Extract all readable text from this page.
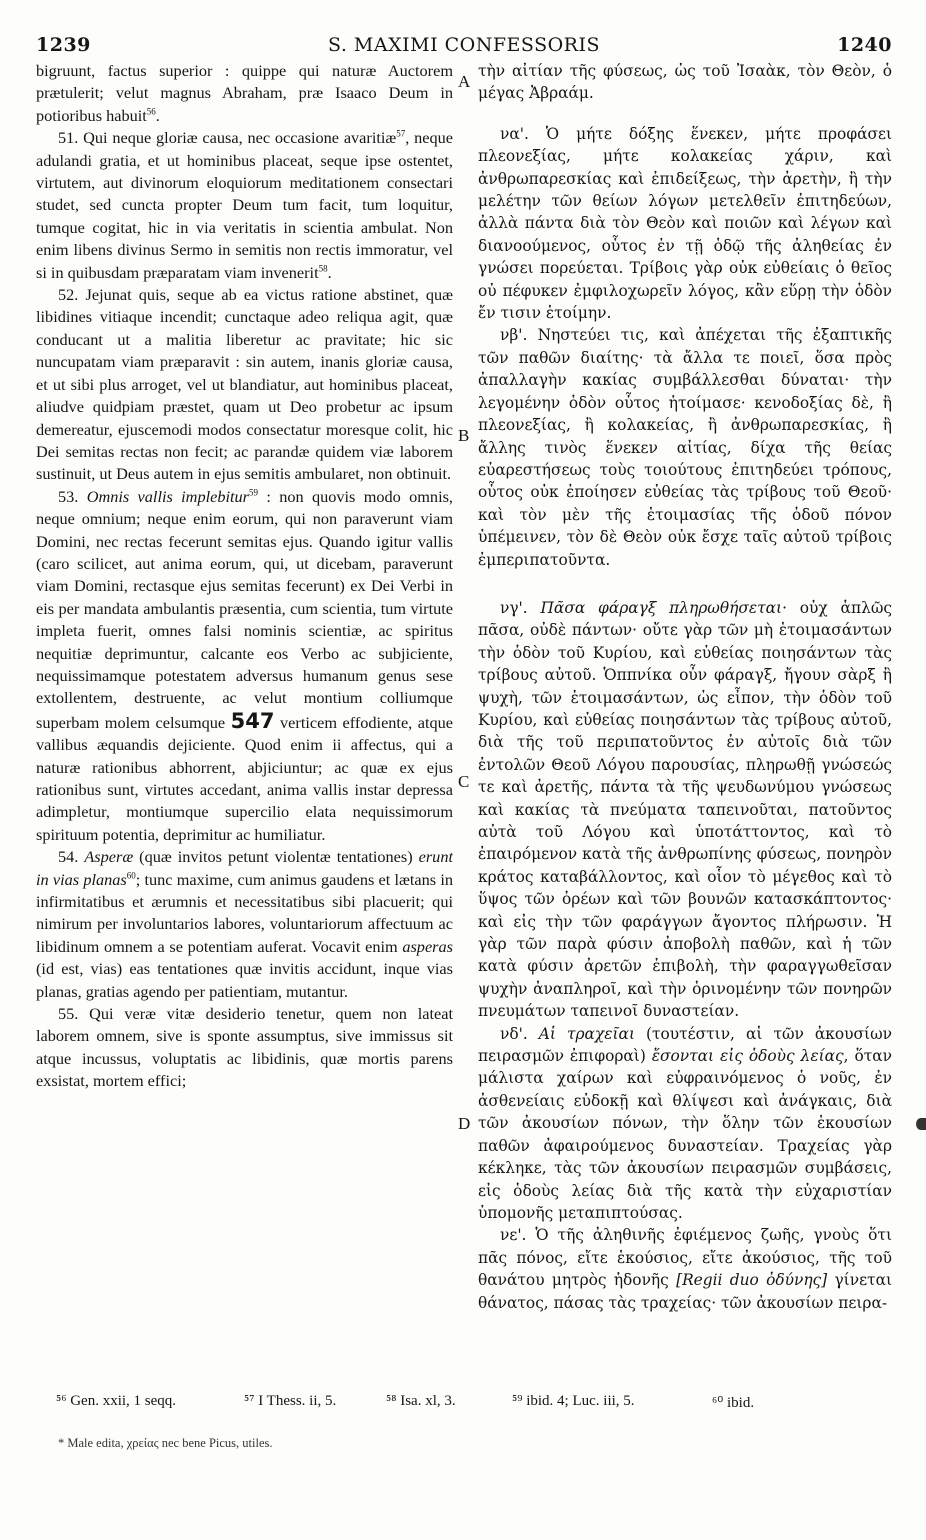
1239	S. MAXIMI CONFESSORIS	1240

bigruunt, factus superior : quippe qui naturæ Auctorem prætulerit; velut magnus Abraham, præ Isaaco Deum in potioribus habuit$^{56}$.

51. Qui neque gloriæ causa, nec occasione avaritiæ$^{57}$, neque adulandi gratia, et ut hominibus placeat, seque ipse ostentet, virtutem, aut divinorum eloquiorum meditationem consectari studet, sed cuncta propter Deum tum facit, tum loquitur, tumque cogitat, hic in via veritatis in scientia ambulat. Non enim libens divinus Sermo in semitis non rectis immoratur, vel si in quibusdam præparatam viam invenerit$^{58}$.

52. Jejunat quis, seque ab ea victus ratione abstinet, quæ libidines vitiaque incendit; cunctaque adeo reliqua agit, quæ conducant ut a malitia liberetur ac pravitate; hic sic nuncupatam viam præparavit : sin autem, inanis gloriæ causa, et ut sibi plus arroget, vel ut blandiatur, aut hominibus placeat, aliudve quidpiam præstet, quam ut Deo probetur ac ipsum demereatur, ejuscemodi modos consectatur moresque colit, hic Dei semitas rectas non fecit; ac parandæ quidem viæ laborem sustinuit, ut Deus autem in ejus semitis ambularet, non obtinuit.

53. Omnis vallis implebitur$^{59}$ : non quovis modo omnis, neque omnium; neque enim eorum, qui non paraverunt viam Domini, nec rectas fecerunt semitas ejus. Quando igitur vallis (caro scilicet, aut anima eorum, qui, ut dicebam, paraverunt viam Domini, rectasque ejus semitas fecerunt) ex Dei Verbi in eis per mandata ambulantis præsentia, cum scientia, tum virtute impleta fuerit, omnes falsi nominis scientiæ, ac spiritus nequitiæ deprimuntur, calcante eos Verbo ac subjiciente, nequissimamque potestatem adversus humanum genus sese extollentem, destruente, ac velut montium colliumque superbam molem celsumque 547 verticem effodiente, atque vallibus æquandis dejiciente. Quod enim ii affectus, qui a naturæ rationibus abhorrent, abjiciuntur; ac quæ ex ejus rationibus sunt, virtutes accedant, anima vallis instar depressa adimpletur, montiumque supercilio elata nequissimorum spirituum potentia, deprimitur ac humiliatur.

54. Asperæ (quæ invitos petunt violentæ tentationes) erunt in vias planas$^{60}$; tunc maxime, cum animus gaudens et lætans in infirmitatibus et ærumnis et necessitatibus sibi placuerit; qui nimirum per involuntarios labores, voluntariorum affectuum ac libidinum omnem a se potentiam auferat. Vocavit enim asperas (id est, vias) eas tentationes quæ invitis accidunt, inque vias planas, gratias agendo per patientiam, mutantur.

55. Qui veræ vitæ desiderio tenetur, quem non lateat laborem omnem, sive is sponte assumptus, sive immissus sit atque incussus, voluptatis ac libidinis, quæ mortis parens exsistat, mortem effici;

τὴν αἰτίαν τῆς φύσεως, ὡς τοῦ Ἰσαὰκ, τὸν Θεὸν, ὁ μέγας Ἀβραάμ.

να'. Ὁ μήτε δόξης ἕνεκεν, μήτε προφάσει πλεονεξίας, μήτε κολακείας χάριν, καὶ ἀνθρωπαρεσκίας καὶ ἐπιδείξεως, τὴν ἀρετὴν, ἢ τὴν μελέτην τῶν θείων λόγων μετελθεῖν ἐπιτηδεύων, ἀλλὰ πάντα διὰ τὸν Θεὸν καὶ ποιῶν καὶ λέγων καὶ διανοούμενος, οὗτος ἐν τῇ ὁδῷ τῆς ἀληθείας ἐν γνώσει πορεύεται. Τρίβοις γὰρ οὐκ εὐθείαις ὁ θεῖος οὐ πέφυκεν ἐμφιλοχωρεῖν λόγος, κἂν εὕρῃ τὴν ὁδὸν ἔν τισιν ἑτοίμην.

νβ'. Νηστεύει τις, καὶ ἀπέχεται τῆς ἐξαπτικῆς τῶν παθῶν διαίτης· τὰ ἄλλα τε ποιεῖ, ὅσα πρὸς ἀπαλλαγὴν κακίας συμβάλλεσθαι δύναται· τὴν λεγομένην ὁδὸν οὗτος ἡτοίμασε· κενοδοξίας δὲ, ἢ πλεονεξίας, ἢ κολακείας, ἢ ἀνθρωπαρεσκίας, ἢ ἄλλης τινὸς ἕνεκεν αἰτίας, δίχα τῆς θείας εὐαρεστήσεως τοὺς τοιούτους ἐπιτηδεύει τρόπους, οὗτος οὐκ ἐποίησεν εὐθείας τὰς τρίβους τοῦ Θεοῦ· καὶ τὸν μὲν τῆς ἑτοιμασίας τῆς ὁδοῦ πόνον ὑπέμεινεν, τὸν δὲ Θεὸν οὐκ ἔσχε ταῖς αὐτοῦ τρίβοις ἐμπεριπατοῦντα.

νγ'. Πᾶσα φάραγξ πληρωθήσεται· οὐχ ἁπλῶς πᾶσα, οὐδὲ πάντων· οὔτε γὰρ τῶν μὴ ἑτοιμασάντων τὴν ὁδὸν τοῦ Κυρίου, καὶ εὐθείας ποιησάντων τὰς τρίβους αὐτοῦ. Ὁππνίκα οὖν φάραγξ, ἤγουν σὰρξ ἢ ψυχὴ, τῶν ἑτοιμασάντων, ὡς εἶπον, τὴν ὁδὸν τοῦ Κυρίου, καὶ εὐθείας ποιησάντων τὰς τρίβους αὐτοῦ, διὰ τῆς τοῦ περιπατοῦντος ἐν αὐτοῖς διὰ τῶν ἐντολῶν Θεοῦ Λόγου παρουσίας, πληρωθῇ γνώσεώς τε καὶ ἀρετῆς, πάντα τὰ τῆς ψευδωνύμου γνώσεως καὶ κακίας τὰ πνεύματα ταπεινοῦται, πατοῦντος αὐτὰ τοῦ Λόγου καὶ ὑποτάττοντος, καὶ τὸ ἐπαιρόμενον κατὰ τῆς ἀνθρωπίνης φύσεως, πονηρὸν κράτος καταβάλλοντος, καὶ οἷον τὸ μέγεθος καὶ τὸ ὕψος τῶν ὀρέων καὶ τῶν βουνῶν κατασκάπτοντος· καὶ εἰς τὴν τῶν φαράγγων ἄγοντος πλήρωσιν. Ἡ γὰρ τῶν παρὰ φύσιν ἀποβολὴ παθῶν, καὶ ἡ τῶν κατὰ φύσιν ἀρετῶν ἐπιβολὴ, τὴν φαραγγωθεῖσαν ψυχὴν ἀναπληροῖ, καὶ τὴν ὀρινομένην τῶν πονηρῶν πνευμάτων ταπεινοῖ δυναστείαν.

νδ'. Αἱ τραχεῖαι (τουτέστιν, αἱ τῶν ἀκουσίων πειρασμῶν ἐπιφοραὶ) ἔσονται εἰς ὁδοὺς λείας, ὅταν μάλιστα χαίρων καὶ εὐφραινόμενος ὁ νοῦς, ἐν ἀσθενείαις εὐδοκῇ καὶ θλίψεσι καὶ ἀνάγκαις, διὰ τῶν ἀκουσίων πόνων, τὴν ὅλην τῶν ἑκουσίων παθῶν ἀφαιρούμενος δυναστείαν. Τραχείας γὰρ κέκληκε, τὰς τῶν ἀκουσίων πειρασμῶν συμβάσεις, εἰς ὁδοὺς λείας διὰ τῆς κατὰ τὴν εὐχαριστίαν ὑπομονῆς μεταπιπτούσας.

νε'. Ὁ τῆς ἀληθινῆς ἐφιέμενος ζωῆς, γνοὺς ὅτι πᾶς πόνος, εἴτε ἑκούσιος, εἴτε ἀκούσιος, τῆς τοῦ θανάτου μητρὸς ἡδονῆς [Regii duo ὀδύνης] γίνεται θάνατος, πάσας τὰς τραχείας· τῶν ἀκουσίων πειρα-

A
B
C
D
⁵⁶ Gen. xxii, 1 seqq.	⁵⁷ I Thess. ii, 5.	⁵⁸ Isa. xl, 3.	⁵⁹ ibid. 4; Luc. iii, 5.	⁶⁰ ibid.
* Male edita, χρείας nec bene Picus, utiles.
